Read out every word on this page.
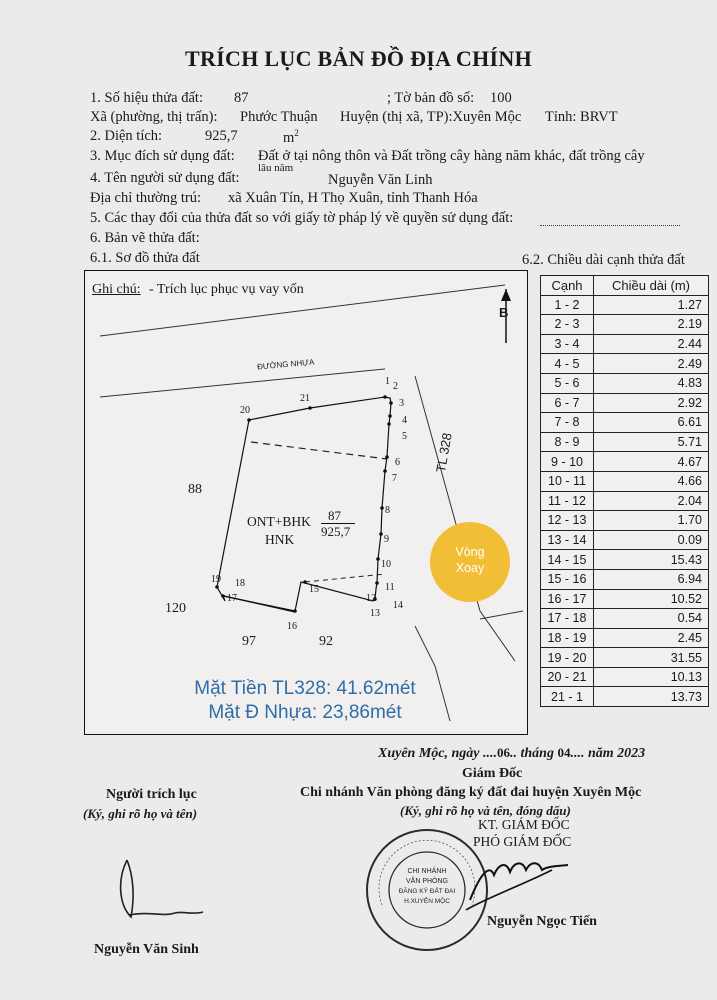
TRÍCH LỤC BẢN ĐỒ ĐỊA CHÍNH
1. Số hiệu thửa đất: 87	; Tờ bản đồ số: 100
Xã (phường, thị trấn): Phước Thuận Huyện (thị xã, TP):Xuyên Mộc Tỉnh: BRVT
2. Diện tích:	925,7	$m^2$
3. Mục đích sử dụng đất: Đất ở tại nông thôn và Đất trồng cây hàng năm khác, đất trồng cây
lâu năm
4. Tên người sử dụng đất:	Nguyễn Văn Linh
Địa chỉ thường trú: xã Xuân Tín, H Thọ Xuân, tỉnh Thanh Hóa
5. Các thay đổi của thửa đất so với giấy tờ pháp lý về quyền sử dụng đất:
6. Bản vẽ thửa đất:
6.1. Sơ đồ thửa đất	6.2. Chiều dài cạnh thửa đất
Ghi chú: - Trích lục phục vụ vay vốn
B
ĐƯỜNG NHỰA
TL 328
ONT+BHK
HNK
87
925,7
88
120
97	92
Vòng
Xoay
1 2
3
4
5
6
7
8
9
10
11
12
13
14
15
16
17
18
19
20
21
Mặt Tiền TL328: 41.62mét
Mặt Đ Nhựa: 23,86mét
Cạnh	Chiều dài (m)
1 - 2	1.27
2 - 3	2.19
3 - 4	2.44
4 - 5	2.49
5 - 6	4.83
6 - 7	2.92
7 - 8	6.61
8 - 9	5.71
9 - 10	4.67
10 - 11	4.66
11 - 12	2.04
12 - 13	1.70
13 - 14	0.09
14 - 15	15.43
15 - 16	6.94
16 - 17	10.52
17 - 18	0.54
18 - 19	2.45
19 - 20	31.55
20 - 21	10.13
21 - 1	13.73
Xuyên Mộc, ngày ....06.. tháng 04.... năm 2023
Giám Đốc
Chi nhánh Văn phòng đăng ký đất đai huyện Xuyên Mộc
(Ký, ghi rõ họ và tên, đóng dấu)
KT. GIÁM ĐỐC
PHÓ GIÁM ĐỐC
Người trích lục
(Ký, ghi rõ họ và tên)
Nguyễn Văn Sinh
Nguyễn Ngọc Tiến
CHI NHÁNH
VĂN PHÒNG
ĐĂNG KÝ ĐẤT ĐAI
H.XUYÊN MỘC
